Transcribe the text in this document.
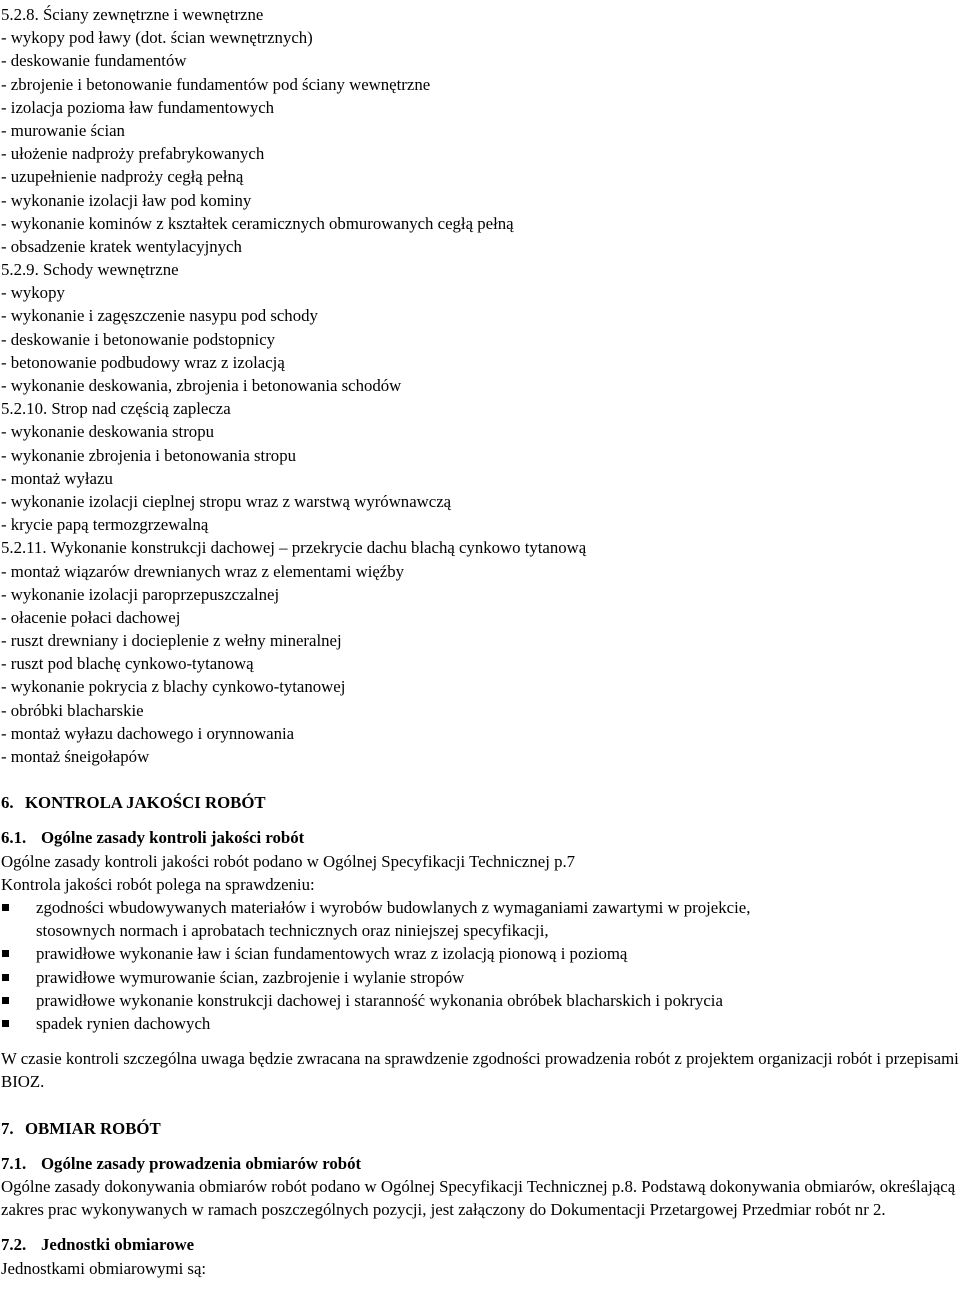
5.2.8. Ściany zewnętrzne i wewnętrzne
- wykopy pod ławy (dot. ścian wewnętrznych)
- deskowanie fundamentów
- zbrojenie i betonowanie fundamentów pod ściany wewnętrzne
- izolacja pozioma ław fundamentowych
- murowanie ścian
- ułożenie nadproży prefabrykowanych
- uzupełnienie nadproży cegłą pełną
- wykonanie izolacji ław pod kominy
- wykonanie kominów z kształtek ceramicznych obmurowanych cegłą pełną
- obsadzenie kratek wentylacyjnych
5.2.9. Schody wewnętrzne
- wykopy
- wykonanie i zagęszczenie nasypu pod schody
- deskowanie i betonowanie podstopnicy
- betonowanie podbudowy wraz z izolacją
- wykonanie deskowania, zbrojenia i betonowania schodów
5.2.10. Strop nad częścią zaplecza
- wykonanie deskowania stropu
- wykonanie zbrojenia i betonowania stropu
- montaż wyłazu
- wykonanie izolacji cieplnej stropu wraz z warstwą wyrównawczą
- krycie papą termozgrzewalną
5.2.11. Wykonanie konstrukcji dachowej – przekrycie dachu blachą cynkowo tytanową
- montaż wiązarów drewnianych wraz z elementami więźby
- wykonanie izolacji paroprzepuszczalnej
- ołacenie połaci dachowej
- ruszt drewniany i docieplenie z wełny mineralnej
- ruszt pod blachę cynkowo-tytanową
- wykonanie pokrycia z blachy cynkowo-tytanowej
- obróbki blacharskie
- montaż wyłazu dachowego i orynnowania
- montaż śneigołapów
6. KONTROLA JAKOŚCI ROBÓT
6.1. Ogólne zasady kontroli jakości robót
Ogólne zasady kontroli jakości robót podano w Ogólnej Specyfikacji Technicznej p.7
Kontrola jakości robót polega na sprawdzeniu:
zgodności wbudowywanych materiałów i wyrobów budowlanych z wymaganiami zawartymi w projekcie,
stosownych normach i aprobatach technicznych oraz niniejszej specyfikacji,
prawidłowe wykonanie ław i ścian fundamentowych wraz z izolacją pionową i poziomą
prawidłowe wymurowanie ścian, zazbrojenie i wylanie stropów
prawidłowe wykonanie konstrukcji dachowej i staranność wykonania obróbek blacharskich i pokrycia
spadek rynien dachowych
W czasie kontroli szczególna uwaga będzie zwracana na sprawdzenie zgodności prowadzenia robót z projektem organizacji robót i przepisami BIOZ.
7. OBMIAR ROBÓT
7.1. Ogólne zasady prowadzenia obmiarów robót
Ogólne zasady dokonywania obmiarów robót podano w Ogólnej Specyfikacji Technicznej p.8. Podstawą dokonywania obmiarów, określającą zakres prac wykonywanych w ramach poszczególnych pozycji, jest załączony do Dokumentacji Przetargowej Przedmiar robót nr 2.
7.2. Jednostki obmiarowe
Jednostkami obmiarowymi są:
